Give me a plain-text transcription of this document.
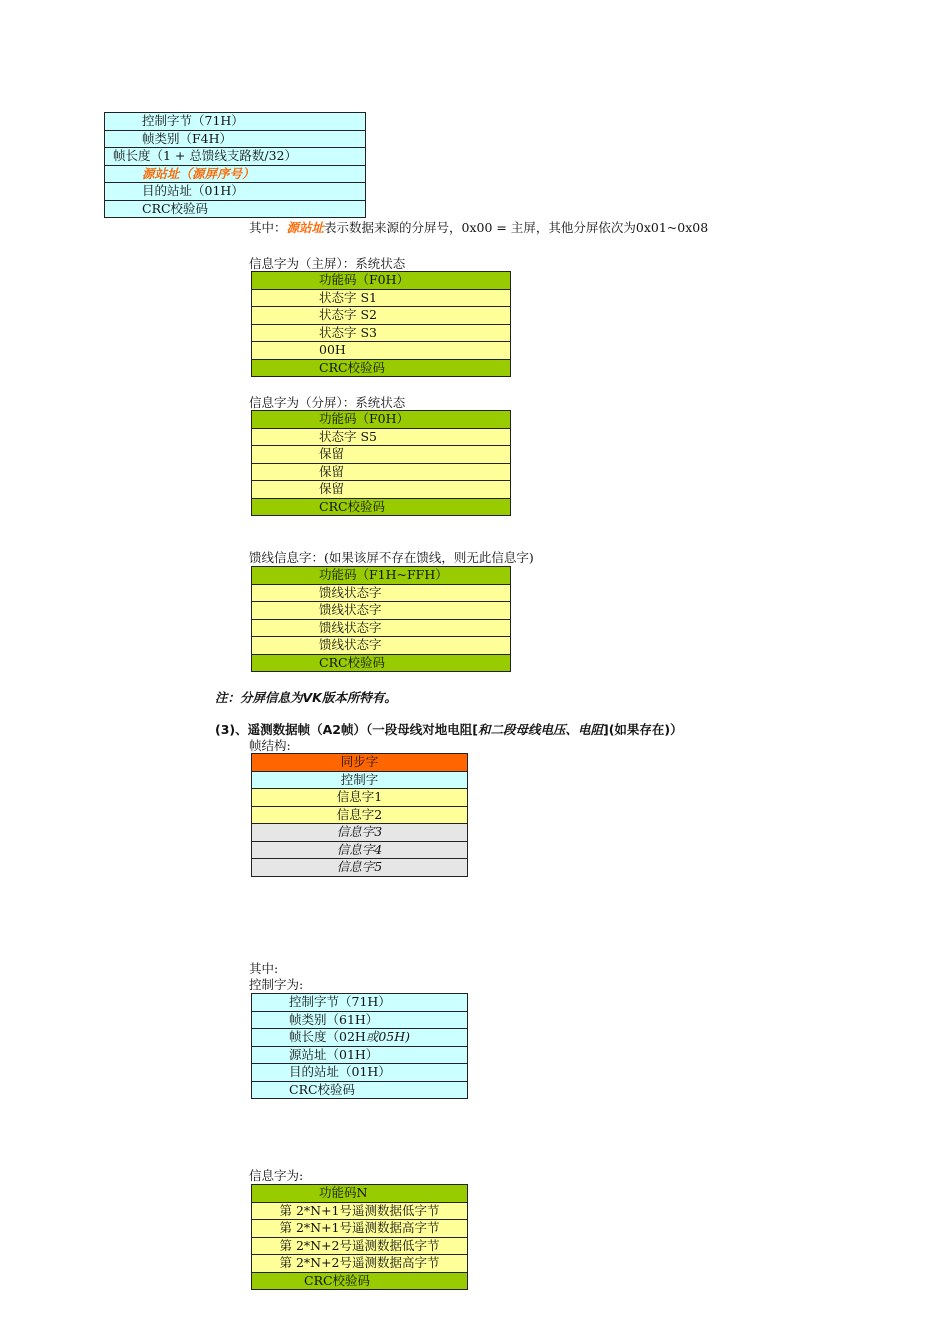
控制字节（71H）
帧类别（F4H）
帧长度（1 + 总馈线支路数/32）
源站址（源屏序号）
目的站址（01H）
CRC校验码
其中：源站址表示数据来源的分屏号，0x00 = 主屏，其他分屏依次为0x01~0x08
信息字为（主屏）：系统状态
功能码（F0H）
状态字 S1
状态字 S2
状态字 S3
00H
CRC校验码
信息字为（分屏）：系统状态
功能码（F0H）
状态字 S5
保留
保留
保留
CRC校验码
馈线信息字：(如果该屏不存在馈线，则无此信息字)
功能码（F1H~FFH）
馈线状态字
馈线状态字
馈线状态字
馈线状态字
CRC校验码
注：分屏信息为VK版本所特有。
(3)、遥测数据帧（A2帧）（一段母线对地电阻[和二段母线电压、电阻](如果存在)）
帧结构:
同步字
控制字
信息字1
信息字2
信息字3
信息字4
信息字5
其中:
控制字为:
控制字节（71H）
帧类别（61H）
帧长度（02H或05H)
源站址（01H）
目的站址（01H）
CRC校验码
信息字为:
功能码N
第 2*N+1号遥测数据低字节
第 2*N+1号遥测数据高字节
第 2*N+2号遥测数据低字节
第 2*N+2号遥测数据高字节
CRC校验码
